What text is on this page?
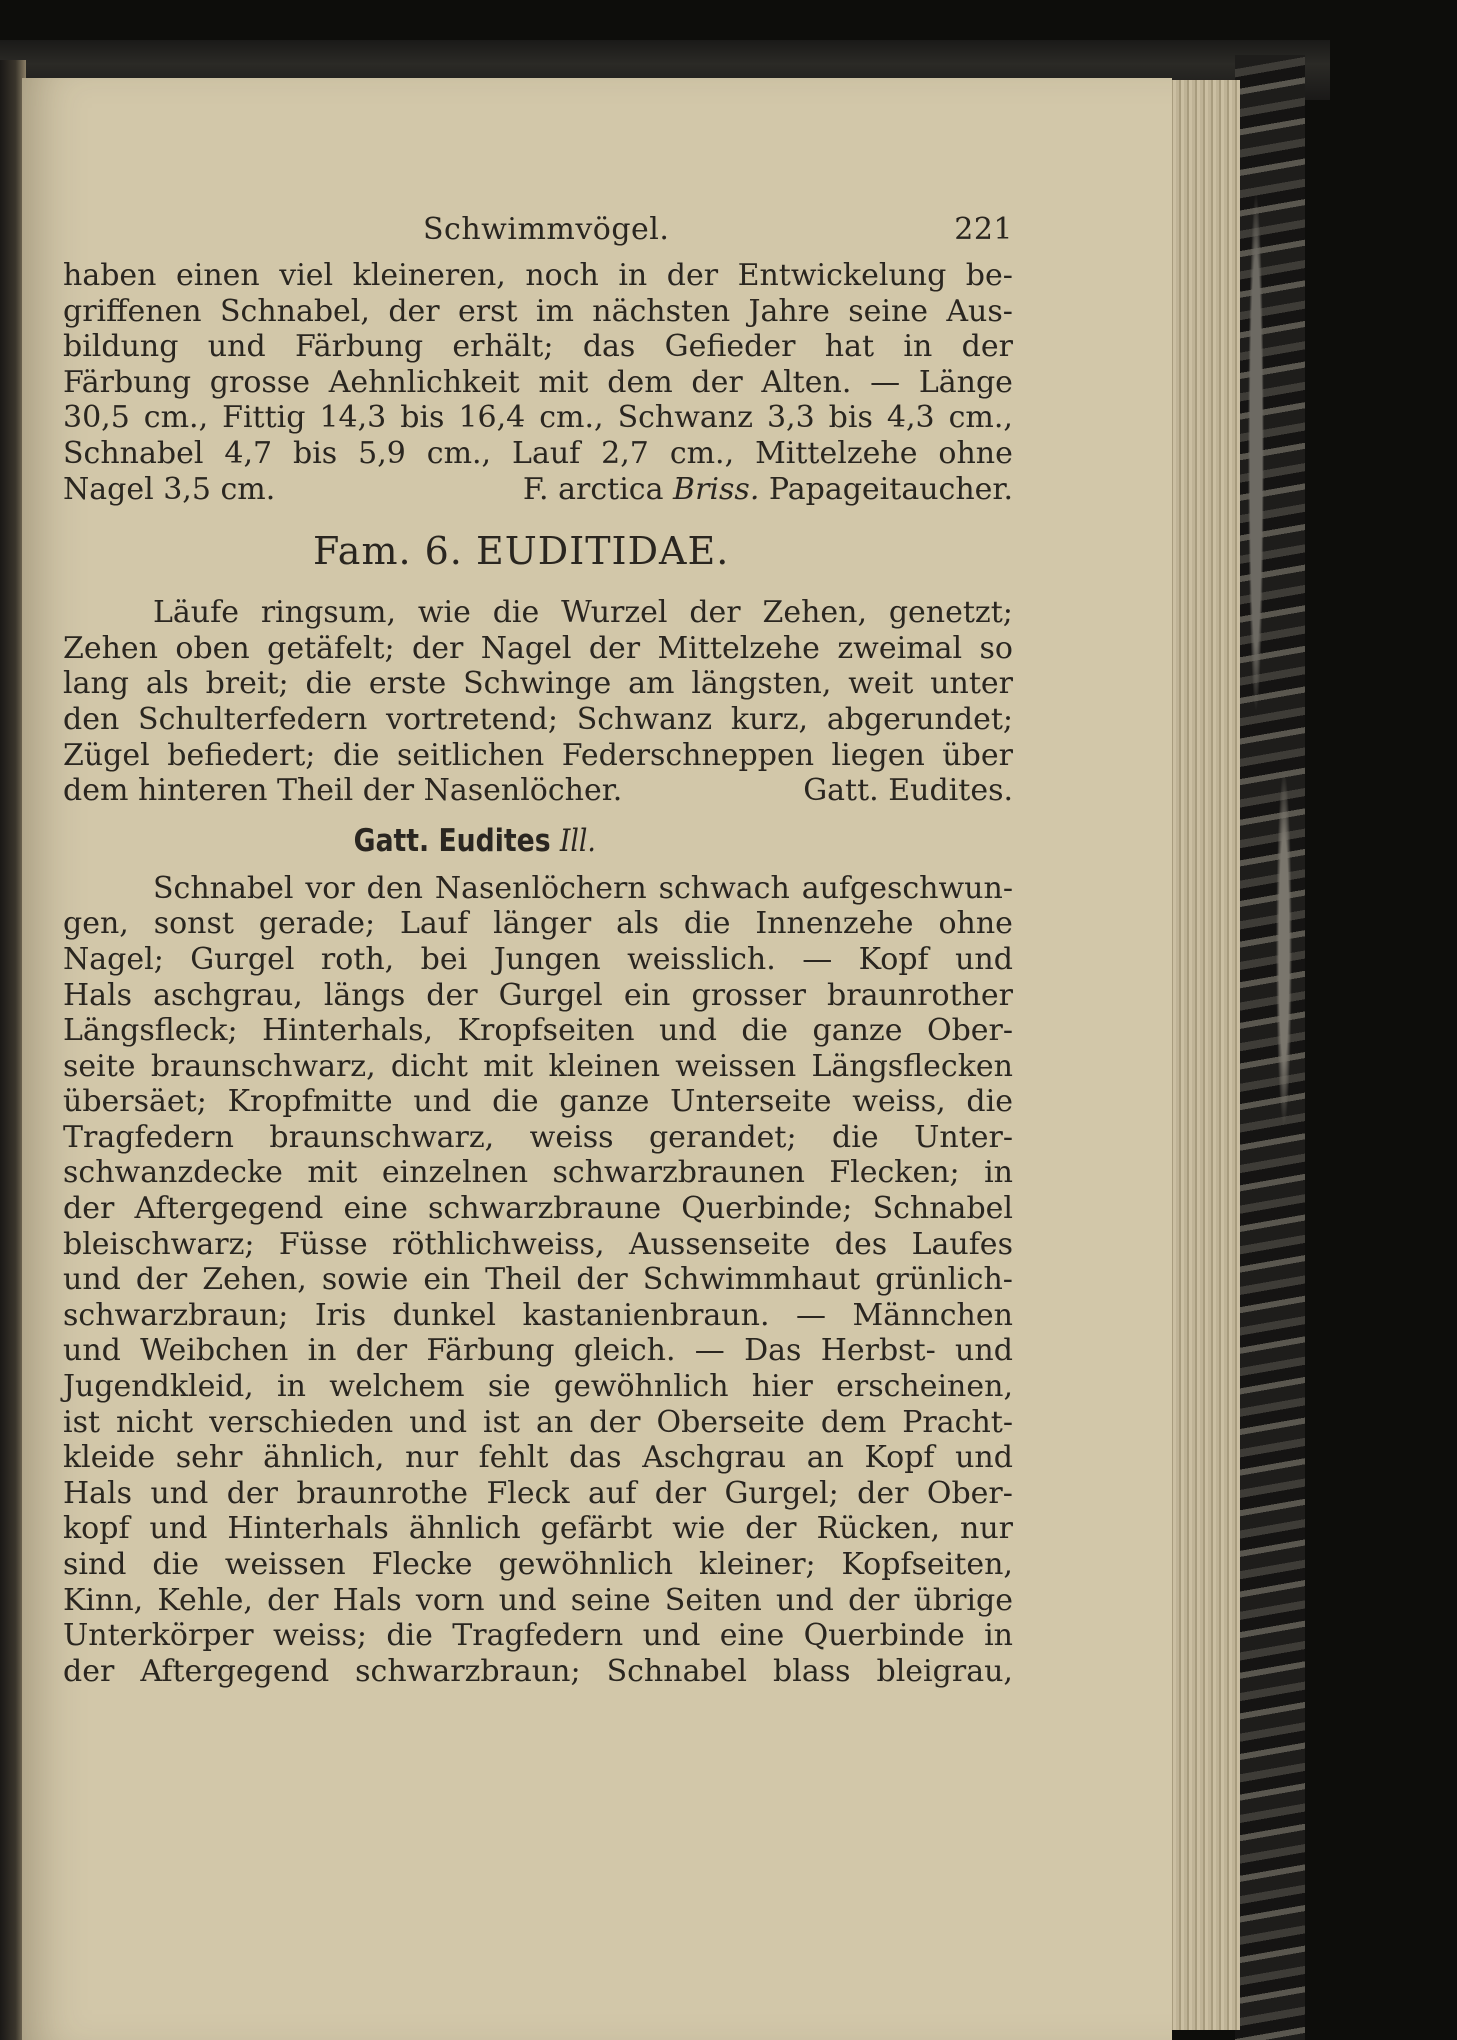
Schwimmvögel.	221
haben einen viel kleineren, noch in der Entwickelung be-
griffenen Schnabel, der erst im nächsten Jahre seine Aus-
bildung und Färbung erhält; das Gefieder hat in der
Färbung grosse Aehnlichkeit mit dem der Alten. — Länge
30,5 cm., Fittig 14,3 bis 16,4 cm., Schwanz 3,3 bis 4,3 cm.,
Schnabel 4,7 bis 5,9 cm., Lauf 2,7 cm., Mittelzehe ohne
Nagel 3,5 cm.	F. arctica Briss. Papageitaucher.
Fam. 6. EUDITIDAE.
Läufe ringsum, wie die Wurzel der Zehen, genetzt;
Zehen oben getäfelt; der Nagel der Mittelzehe zweimal so
lang als breit; die erste Schwinge am längsten, weit unter
den Schulterfedern vortretend; Schwanz kurz, abgerundet;
Zügel befiedert; die seitlichen Federschneppen liegen über
dem hinteren Theil der Nasenlöcher.	Gatt. Eudites.
Gatt. Eudites Ill.
Schnabel vor den Nasenlöchern schwach aufgeschwun-
gen, sonst gerade; Lauf länger als die Innenzehe ohne
Nagel; Gurgel roth, bei Jungen weisslich. — Kopf und
Hals aschgrau, längs der Gurgel ein grosser braunrother
Längsfleck; Hinterhals, Kropfseiten und die ganze Ober-
seite braunschwarz, dicht mit kleinen weissen Längsflecken
übersäet; Kropfmitte und die ganze Unterseite weiss, die
Tragfedern braunschwarz, weiss gerandet; die Unter-
schwanzdecke mit einzelnen schwarzbraunen Flecken; in
der Aftergegend eine schwarzbraune Querbinde; Schnabel
bleischwarz; Füsse röthlichweiss, Aussenseite des Laufes
und der Zehen, sowie ein Theil der Schwimmhaut grünlich-
schwarzbraun; Iris dunkel kastanienbraun. — Männchen
und Weibchen in der Färbung gleich. — Das Herbst- und
Jugendkleid, in welchem sie gewöhnlich hier erscheinen,
ist nicht verschieden und ist an der Oberseite dem Pracht-
kleide sehr ähnlich, nur fehlt das Aschgrau an Kopf und
Hals und der braunrothe Fleck auf der Gurgel; der Ober-
kopf und Hinterhals ähnlich gefärbt wie der Rücken, nur
sind die weissen Flecke gewöhnlich kleiner; Kopfseiten,
Kinn, Kehle, der Hals vorn und seine Seiten und der übrige
Unterkörper weiss; die Tragfedern und eine Querbinde in
der Aftergegend schwarzbraun; Schnabel blass bleigrau,
